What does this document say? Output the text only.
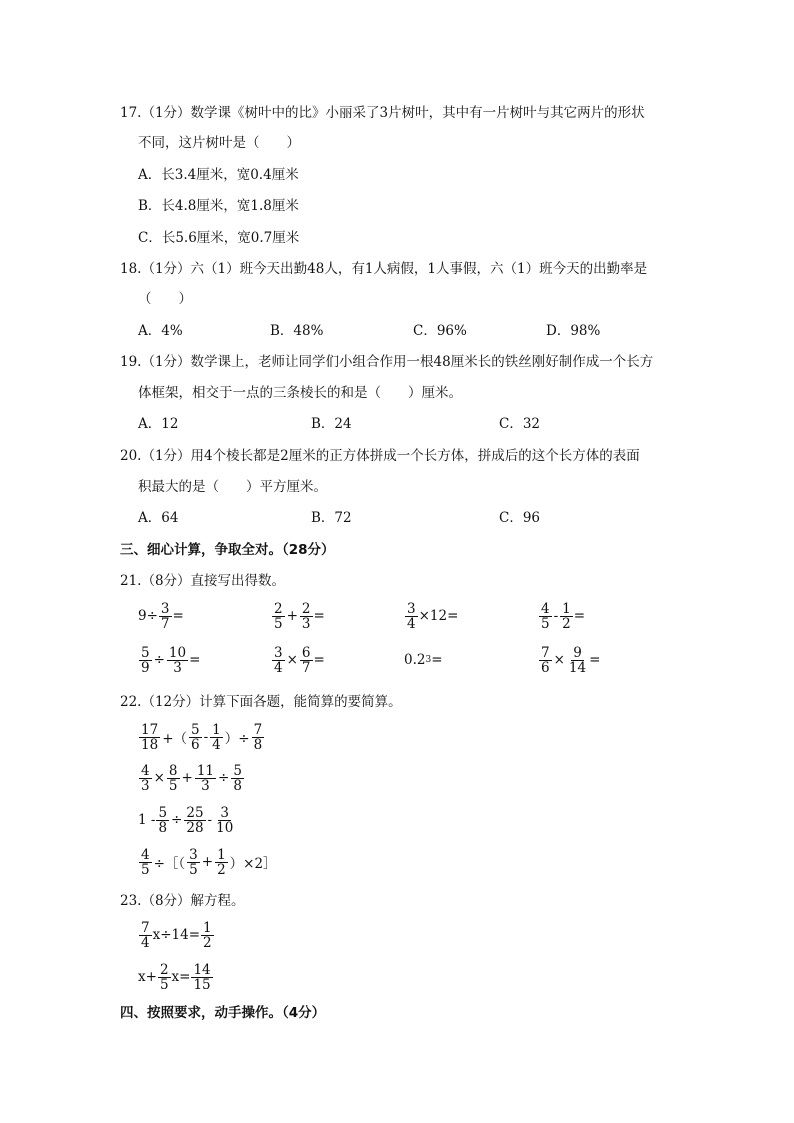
17.（1分）数学课《树叶中的比》小丽采了3片树叶，其中有一片树叶与其它两片的形状
不同，这片树叶是（　　）
A．长3.4厘米，宽0.4厘米
B．长4.8厘米，宽1.8厘米
C．长5.6厘米，宽0.7厘米
18.（1分）六（1）班今天出勤48人，有1人病假，1人事假，六（1）班今天的出勤率是
（　　）
A．4%	B．48%	C．96%	D．98%
19.（1分）数学课上，老师让同学们小组合作用一根48厘米长的铁丝刚好制作成一个长方
体框架，相交于一点的三条棱长的和是（　　）厘米。
A．12	B．24	C．32
20.（1分）用4个棱长都是2厘米的正方体拼成一个长方体，拼成后的这个长方体的表面
积最大的是（　　）平方厘米。
A．64	B．72	C．96
三、细心计算，争取全对。（28分）
21.（8分）直接写出得数。
$9\div \frac{3}{7}$ =	$\frac{2}{5} + \frac{2}{3}$ =	$\frac{3}{4} \times 12=$	$\frac{4}{5} - \frac{1}{2}$ =
$\frac{5}{9} \div \frac{10}{3}$ =	$\frac{3}{4} \times \frac{6}{7}$ =	0.2 3 =	$\frac{7}{6} \times \frac{9}{14}$ =
22.（12分）计算下面各题，能简算的要简算。
$\frac{17}{18}$ +（ $\frac{5}{6} - \frac{1}{4}$ ）÷ $\frac{7}{8}$
$\frac{4}{3} \times \frac{8}{5} + \frac{11}{3} \div \frac{5}{8}$
$1 - \frac{5}{8} \div \frac{25}{28} - \frac{3}{10}$
$\frac{4}{5}$ ÷［（ $\frac{3}{5} + \frac{1}{2}$ ）×2］
23.（8分）解方程。
$\frac{7}{4} x\div 14= \frac{1}{2}$
$x+ \frac{2}{5} x= \frac{14}{15}$
四、按照要求，动手操作。（4分）
